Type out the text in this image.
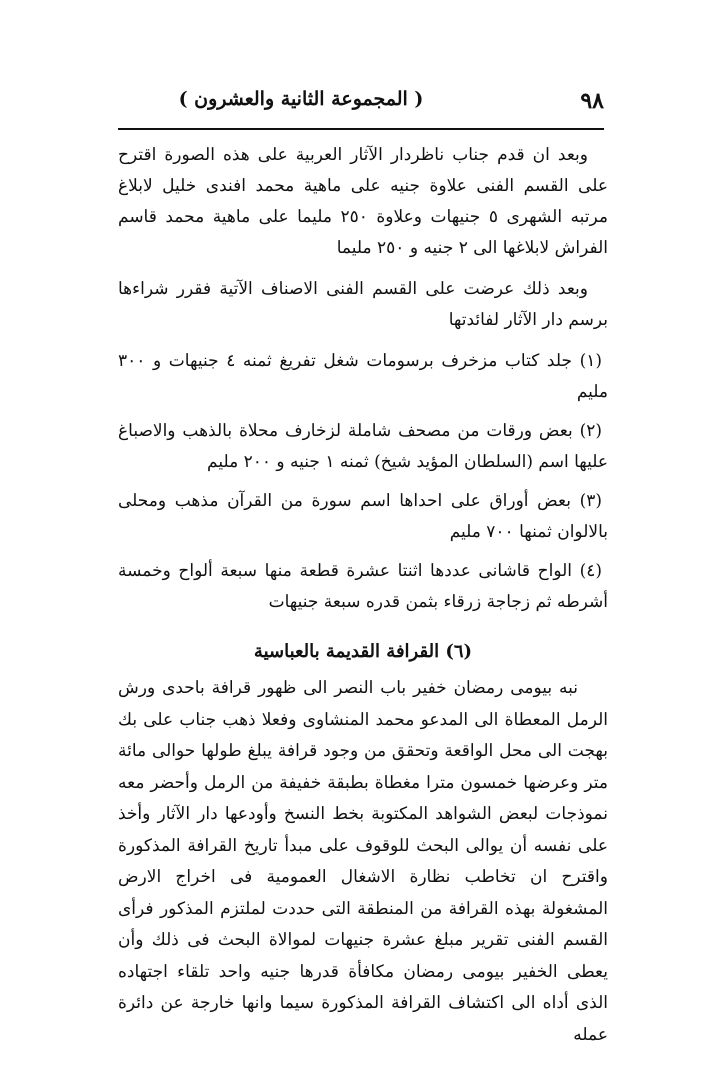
٩٨
( المجموعة الثانية والعشرون )

وبعد ان قدم جناب ناظردار الآثار العربية على هذه الصورة اقترح على القسم الفنى علاوة جنيه على ماهية محمد افندى خليل لابلاغ مرتبه الشهرى ٥ جنيهات وعلاوة ٢٥٠ مليما على ماهية محمد قاسم الفراش لابلاغها الى ٢ جنيه و ٢٥٠ مليما

وبعد ذلك عرضت على القسم الفنى الاصناف الآتية فقرر شراءها برسم دار الآثار لفائدتها

(١) جلد كتاب مزخرف برسومات شغل تفريغ ثمنه ٤ جنيهات و ٣٠٠ مليم

(٢) بعض ورقات من مصحف شاملة لزخارف محلاة بالذهب والاصباغ عليها اسم (السلطان المؤيد شيخ) ثمنه ١ جنيه و ٢٠٠ مليم

(٣) بعض أوراق على احداها اسم سورة من القرآن مذهب ومحلى بالالوان ثمنها ٧٠٠ مليم

(٤) الواح قاشانى عددها اثنتا عشرة قطعة منها سبعة ألواح وخمسة أشرطه ثم زجاجة زرقاء بثمن قدره سبعة جنيهات

(٦) القرافة القديمة بالعباسية

نبه بيومى رمضان خفير باب النصر الى ظهور قرافة باحدى ورش الرمل المعطاة الى المدعو محمد المنشاوى وفعلا ذهب جناب على بك بهجت الى محل الواقعة وتحقق من وجود قرافة يبلغ طولها حوالى مائة متر وعرضها خمسون مترا مغطاة بطبقة خفيفة من الرمل وأحضر معه نموذجات لبعض الشواهد المكتوبة بخط النسخ وأودعها دار الآثار وأخذ على نفسه أن يوالى البحث للوقوف على مبدأ تاريخ القرافة المذكورة واقترح ان تخاطب نظارة الاشغال العمومية فى اخراج الارض المشغولة بهذه القرافة من المنطقة التى حددت لملتزم المذكور فرأى القسم الفنى تقرير مبلغ عشرة جنيهات لموالاة البحث فى ذلك وأن يعطى الخفير بيومى رمضان مكافأة قدرها جنيه واحد تلقاء اجتهاده الذى أداه الى اكتشاف القرافة المذكورة سيما وانها خارجة عن دائرة عمله
